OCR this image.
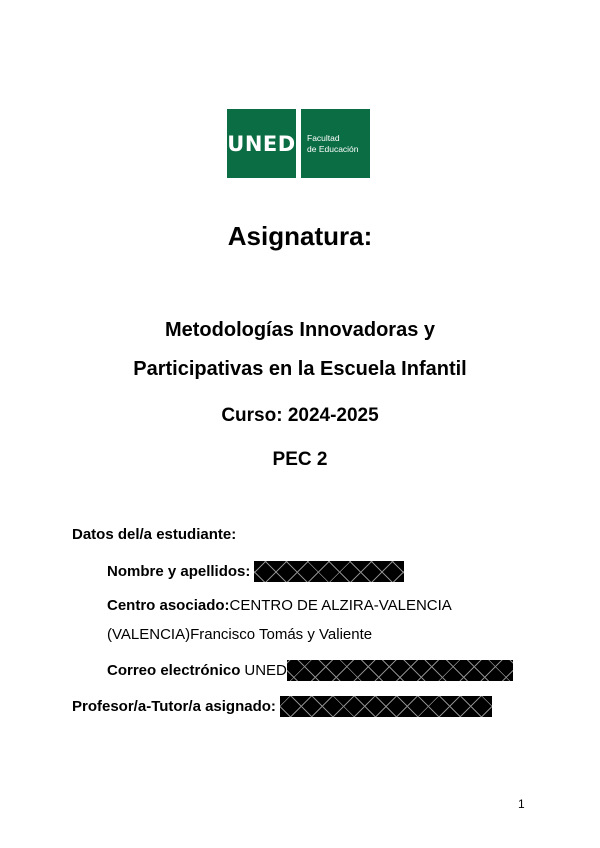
UNED Facultad
de Educación
Asignatura:
Metodologías Innovadoras y
Participativas en la Escuela Infantil
Curso: 2024-2025
PEC 2
Datos del/a estudiante:
Nombre y apellidos:
Centro asociado: CENTRO DE ALZIRA-VALENCIA
(VALENCIA)Francisco Tomás y Valiente
Correo electrónico UNED
Profesor/a-Tutor/a asignado:
1
